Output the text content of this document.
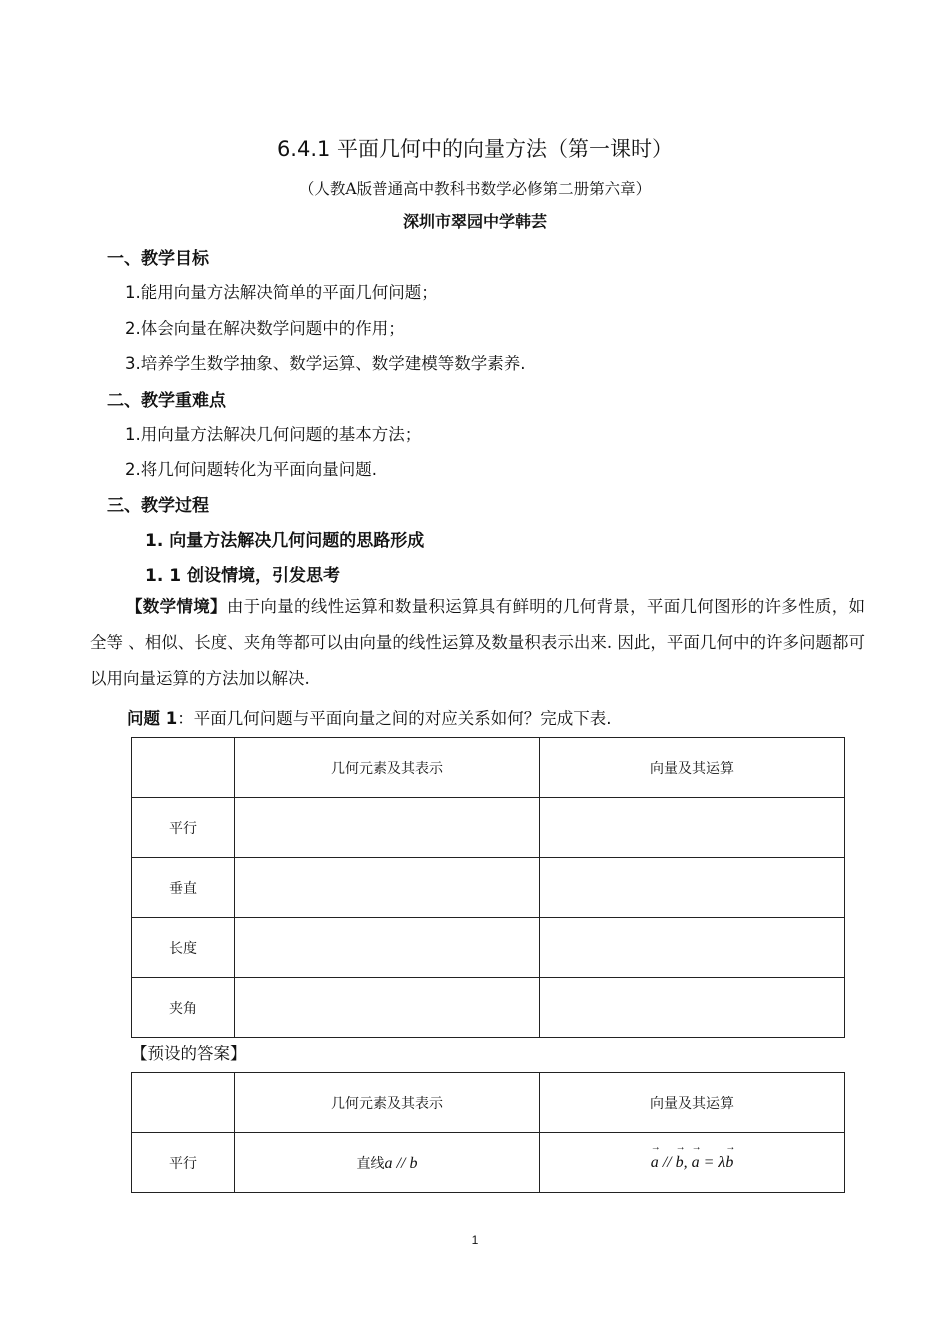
6.4.1 平面几何中的向量方法（第一课时）
（人教A版普通高中教科书数学必修第二册第六章）
深圳市翠园中学韩芸
一、教学目标
1.能用向量方法解决简单的平面几何问题；
2.体会向量在解决数学问题中的作用；
3.培养学生数学抽象、数学运算、数学建模等数学素养.
二、教学重难点
1.用向量方法解决几何问题的基本方法；
2.将几何问题转化为平面向量问题.
三、教学过程
1. 向量方法解决几何问题的思路形成
1. 1 创设情境，引发思考
【数学情境】由于向量的线性运算和数量积运算具有鲜明的几何背景，平面几何图形的许多性质，如全等 、相似、长度、夹角等都可以由向量的线性运算及数量积表示出来. 因此，平面几何中的许多问题都可以用向量运算的方法加以解决.
问题 1：平面几何问题与平面向量之间的对应关系如何？完成下表.
	几何元素及其表示	向量及其运算
平行		
垂直		
长度		
夹角		
【预设的答案】
	几何元素及其表示	向量及其运算
平行	直线a // b	→ a // → b, → a = λ→ b
1
